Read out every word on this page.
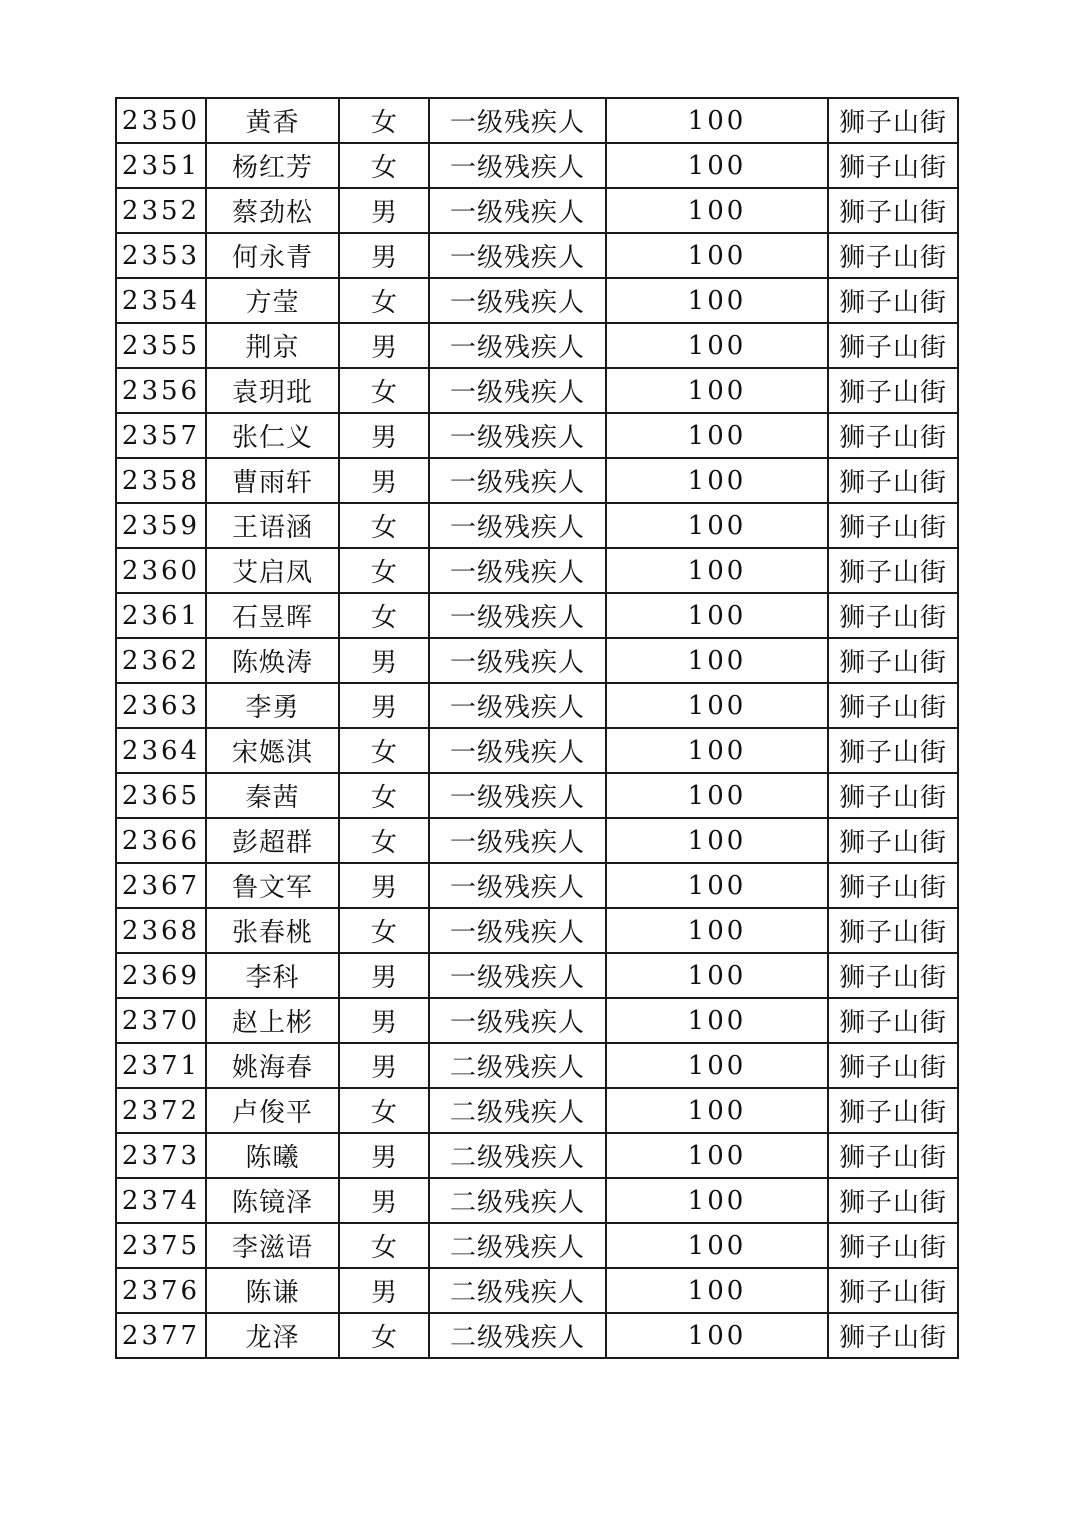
2350	黄香	女	一级残疾人	100	狮子山街
2351	杨红芳	女	一级残疾人	100	狮子山街
2352	蔡劲松	男	一级残疾人	100	狮子山街
2353	何永青	男	一级残疾人	100	狮子山街
2354	方莹	女	一级残疾人	100	狮子山街
2355	荆京	男	一级残疾人	100	狮子山街
2356	袁玥玭	女	一级残疾人	100	狮子山街
2357	张仁义	男	一级残疾人	100	狮子山街
2358	曹雨轩	男	一级残疾人	100	狮子山街
2359	王语涵	女	一级残疾人	100	狮子山街
2360	艾启凤	女	一级残疾人	100	狮子山街
2361	石昱晖	女	一级残疾人	100	狮子山街
2362	陈焕涛	男	一级残疾人	100	狮子山街
2363	李勇	男	一级残疾人	100	狮子山街
2364	宋嫕淇	女	一级残疾人	100	狮子山街
2365	秦茜	女	一级残疾人	100	狮子山街
2366	彭超群	女	一级残疾人	100	狮子山街
2367	鲁文军	男	一级残疾人	100	狮子山街
2368	张春桃	女	一级残疾人	100	狮子山街
2369	李科	男	一级残疾人	100	狮子山街
2370	赵上彬	男	一级残疾人	100	狮子山街
2371	姚海春	男	二级残疾人	100	狮子山街
2372	卢俊平	女	二级残疾人	100	狮子山街
2373	陈曦	男	二级残疾人	100	狮子山街
2374	陈镜泽	男	二级残疾人	100	狮子山街
2375	李滋语	女	二级残疾人	100	狮子山街
2376	陈谦	男	二级残疾人	100	狮子山街
2377	龙泽	女	二级残疾人	100	狮子山街
